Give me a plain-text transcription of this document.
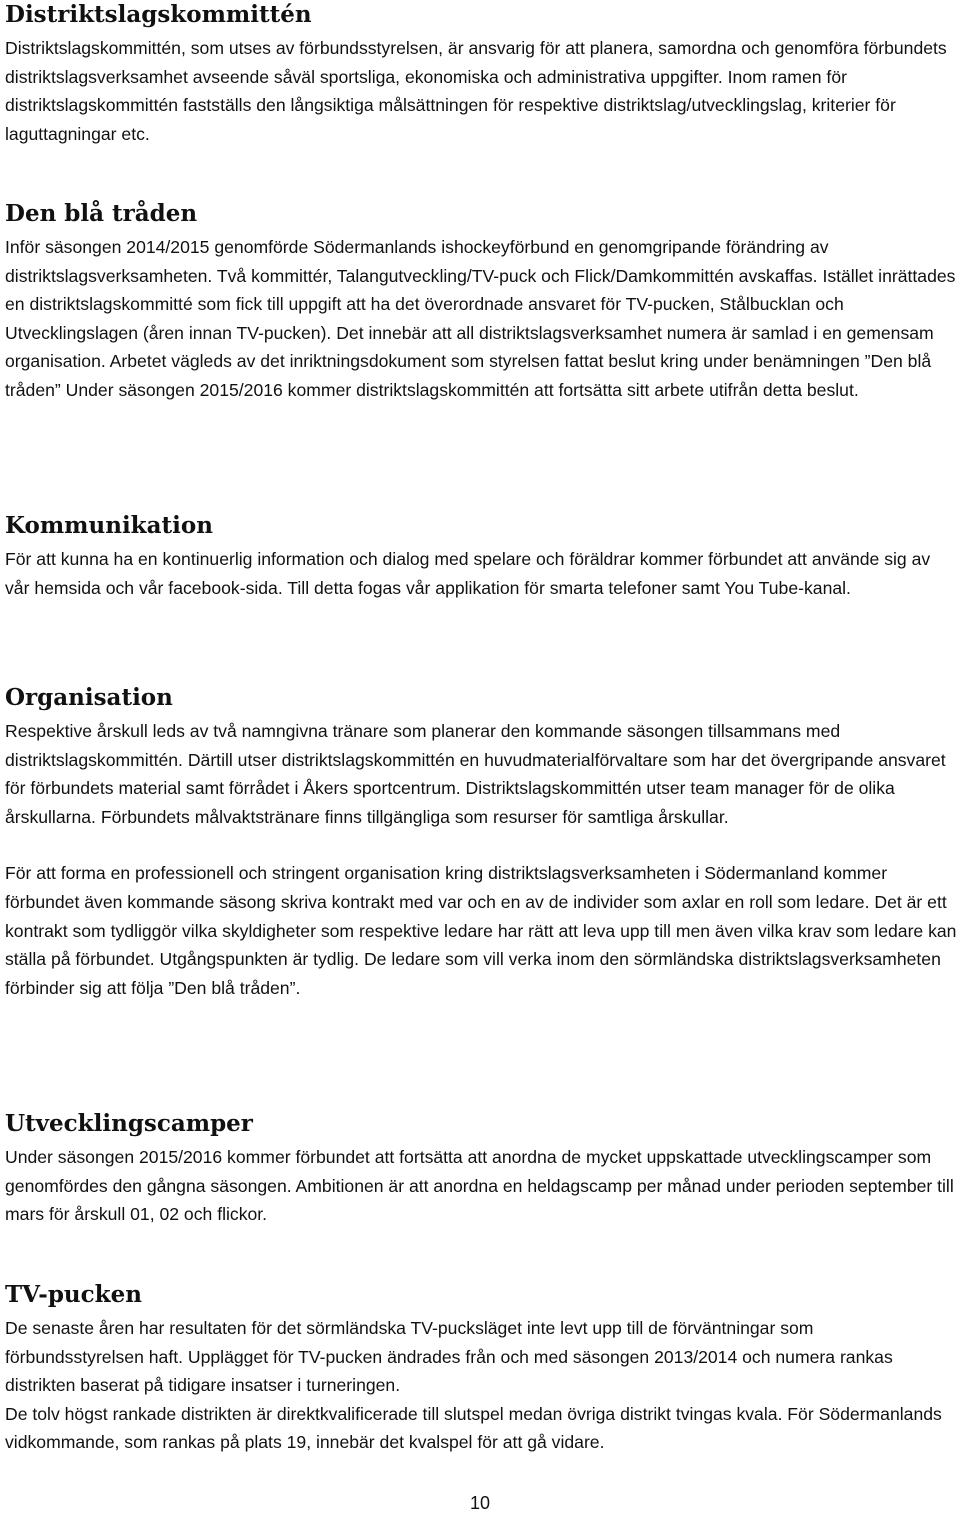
Distriktslagskommittén

Distriktslagskommittén, som utses av förbundsstyrelsen, är ansvarig för att planera, samordna och genomföra förbundets distriktslagsverksamhet avseende såväl sportsliga, ekonomiska och administrativa uppgifter. Inom ramen för distriktslagskommittén fastställs den långsiktiga målsättningen för respektive distriktslag/utvecklingslag, kriterier för laguttagningar etc.

Den blå tråden

Inför säsongen 2014/2015 genomförde Södermanlands ishockeyförbund en genomgripande förändring av distriktslagsverksamheten. Två kommittér, Talangutveckling/TV-puck och Flick/Damkommittén avskaffas. Istället inrättades en distriktslagskommitté som fick till uppgift att ha det överordnade ansvaret för TV-pucken, Stålbucklan och Utvecklingslagen (åren innan TV-pucken). Det innebär att all distriktslagsverksamhet numera är samlad i en gemensam organisation. Arbetet vägleds av det inriktningsdokument som styrelsen fattat beslut kring under benämningen ”Den blå tråden” Under säsongen 2015/2016 kommer distriktslagskommittén att fortsätta sitt arbete utifrån detta beslut.

Kommunikation

För att kunna ha en kontinuerlig information och dialog med spelare och föräldrar kommer förbundet att använde sig av vår hemsida och vår facebook-sida. Till detta fogas vår applikation för smarta telefoner samt You Tube-kanal.

Organisation

Respektive årskull leds av två namngivna tränare som planerar den kommande säsongen tillsammans med distriktslagskommittén. Därtill utser distriktslagskommittén en huvudmaterialförvaltare som har det övergripande ansvaret för förbundets material samt förrådet i Åkers sportcentrum. Distriktslagskommittén utser team manager för de olika årskullarna. Förbundets målvaktstränare finns tillgängliga som resurser för samtliga årskullar.

För att forma en professionell och stringent organisation kring distriktslagsverksamheten i Södermanland kommer förbundet även kommande säsong skriva kontrakt med var och en av de individer som axlar en roll som ledare. Det är ett kontrakt som tydliggör vilka skyldigheter som respektive ledare har rätt att leva upp till men även vilka krav som ledare kan ställa på förbundet. Utgångspunkten är tydlig. De ledare som vill verka inom den sörmländska distriktslagsverksamheten förbinder sig att följa ”Den blå tråden”.

Utvecklingscamper

Under säsongen 2015/2016 kommer förbundet att fortsätta att anordna de mycket uppskattade utvecklingscamper som genomfördes den gångna säsongen. Ambitionen är att anordna en heldagscamp per månad under perioden september till mars för årskull 01, 02 och flickor.

TV-pucken

De senaste åren har resultaten för det sörmländska TV-pucksläget inte levt upp till de förväntningar som förbundsstyrelsen haft. Upplägget för TV-pucken ändrades från och med säsongen 2013/2014 och numera rankas distrikten baserat på tidigare insatser i turneringen.

De tolv högst rankade distrikten är direktkvalificerade till slutspel medan övriga distrikt tvingas kvala. För Södermanlands vidkommande, som rankas på plats 19, innebär det kvalspel för att gå vidare.

10
